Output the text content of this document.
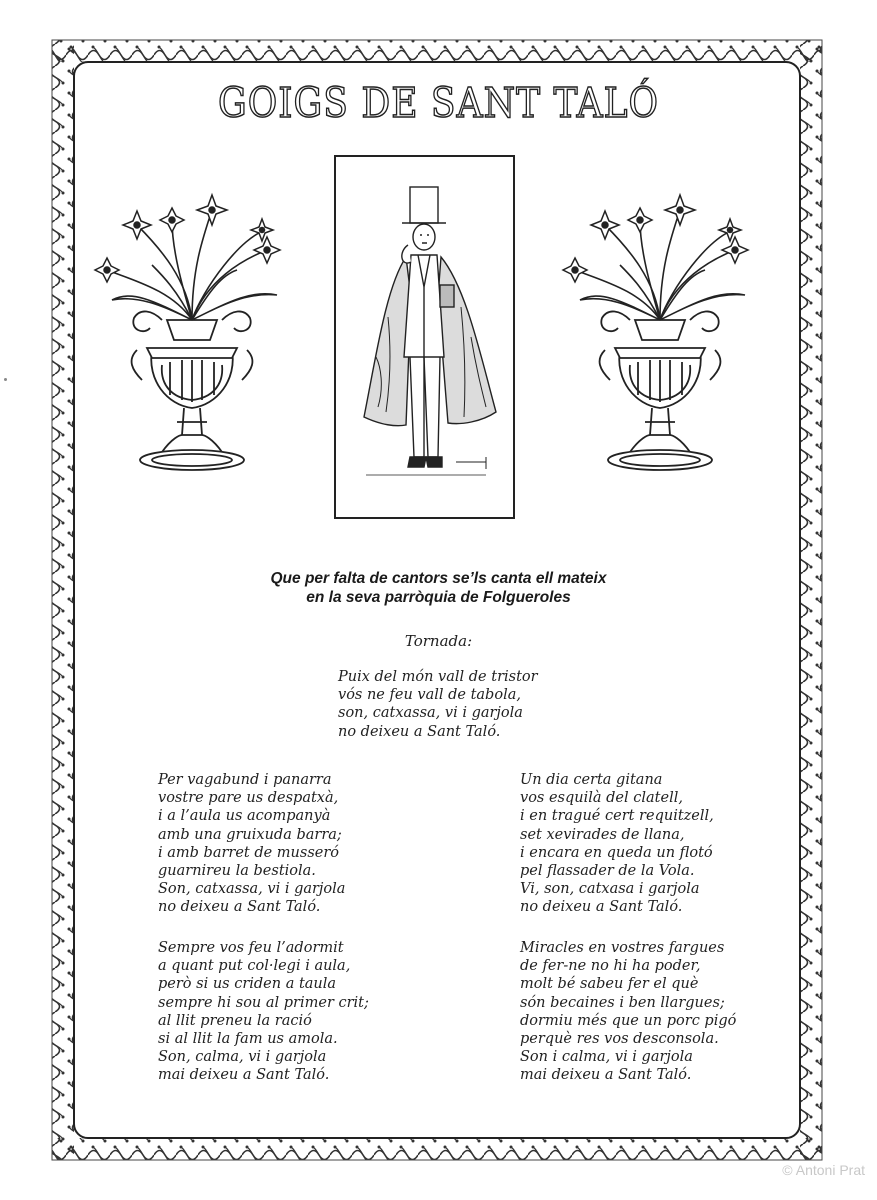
GOIGS DE SANT TALÓ
Que per falta de cantors se’ls canta ell mateix
en la seva parròquia de Folgueroles
Tornada:
Puix del món vall de tristor
vós ne feu vall de tabola,
son, catxassa, vi i garjola
no deixeu a Sant Taló.
Per vagabund i panarra
vostre pare us despatxà,
i a l’aula us acompanyà
amb una gruixuda barra;
i amb barret de musseró
guarnireu la bestiola.
Son, catxassa, vi i garjola
no deixeu a Sant Taló.
Un dia certa gitana
vos esquilà del clatell,
i en tragué cert requitzell,
set xevirades de llana,
i encara en queda un flotó
pel flassader de la Vola.
Vi, son, catxasa i garjola
no deixeu a Sant Taló.
Sempre vos feu l’adormit
a quant put col·legi i aula,
però si us criden a taula
sempre hi sou al primer crit;
al llit preneu la ració
si al llit la fam us amola.
Son, calma, vi i garjola
mai deixeu a Sant Taló.
Miracles en vostres fargues
de fer-ne no hi ha poder,
molt bé sabeu fer el què
són becaines i ben llargues;
dormiu més que un porc pigó
perquè res vos desconsola.
Son i calma, vi i garjola
mai deixeu a Sant Taló.
© Antoni Prat
